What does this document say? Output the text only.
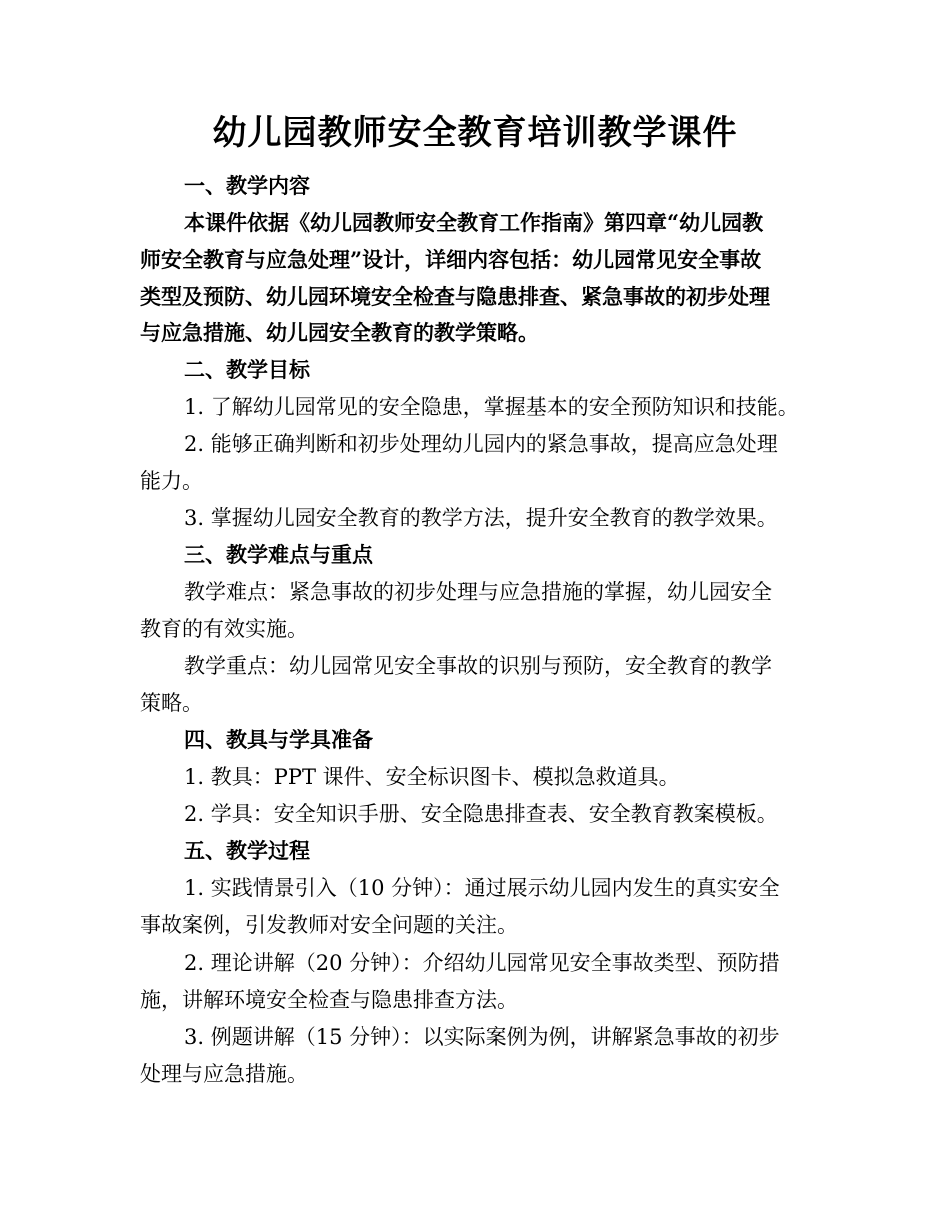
幼儿园教师安全教育培训教学课件
一、教学内容
本课件依据《幼儿园教师安全教育工作指南》第四章“幼儿园教
师安全教育与应急处理”设计，详细内容包括：幼儿园常见安全事故
类型及预防、幼儿园环境安全检查与隐患排查、紧急事故的初步处理
与应急措施、幼儿园安全教育的教学策略。
二、教学目标
1. 了解幼儿园常见的安全隐患，掌握基本的安全预防知识和技能。
2. 能够正确判断和初步处理幼儿园内的紧急事故，提高应急处理
能力。
3. 掌握幼儿园安全教育的教学方法，提升安全教育的教学效果。
三、教学难点与重点
教学难点：紧急事故的初步处理与应急措施的掌握，幼儿园安全
教育的有效实施。
教学重点：幼儿园常见安全事故的识别与预防，安全教育的教学
策略。
四、教具与学具准备
1. 教具：PPT 课件、安全标识图卡、模拟急救道具。
2. 学具：安全知识手册、安全隐患排查表、安全教育教案模板。
五、教学过程
1. 实践情景引入（10 分钟）：通过展示幼儿园内发生的真实安全
事故案例，引发教师对安全问题的关注。
2. 理论讲解（20 分钟）：介绍幼儿园常见安全事故类型、预防措
施，讲解环境安全检查与隐患排查方法。
3. 例题讲解（15 分钟）：以实际案例为例，讲解紧急事故的初步
处理与应急措施。
